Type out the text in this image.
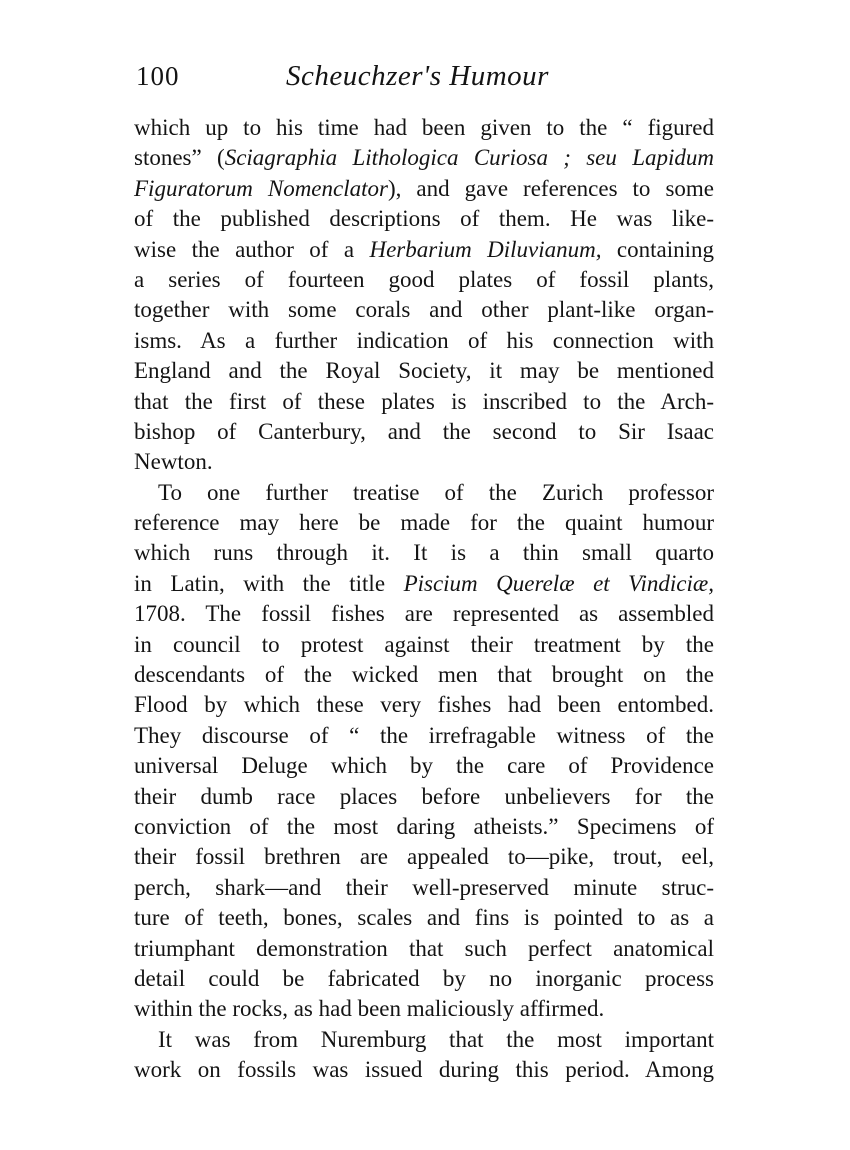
100	Scheuchzer's Humour
which up to his time had been given to the “ figured
stones” (Sciagraphia Lithologica Curiosa ; seu Lapidum
Figuratorum Nomenclator), and gave references to some
of the published descriptions of them. He was like-
wise the author of a Herbarium Diluvianum, containing
a series of fourteen good plates of fossil plants,
together with some corals and other plant-like organ-
isms. As a further indication of his connection with
England and the Royal Society, it may be mentioned
that the first of these plates is inscribed to the Arch-
bishop of Canterbury, and the second to Sir Isaac
Newton.
To one further treatise of the Zurich professor
reference may here be made for the quaint humour
which runs through it. It is a thin small quarto
in Latin, with the title Piscium Querelæ et Vindiciæ,
1708. The fossil fishes are represented as assembled
in council to protest against their treatment by the
descendants of the wicked men that brought on the
Flood by which these very fishes had been entombed.
They discourse of “ the irrefragable witness of the
universal Deluge which by the care of Providence
their dumb race places before unbelievers for the
conviction of the most daring atheists.” Specimens of
their fossil brethren are appealed to—pike, trout, eel,
perch, shark—and their well-preserved minute struc-
ture of teeth, bones, scales and fins is pointed to as a
triumphant demonstration that such perfect anatomical
detail could be fabricated by no inorganic process
within the rocks, as had been maliciously affirmed.
It was from Nuremburg that the most important
work on fossils was issued during this period. Among
